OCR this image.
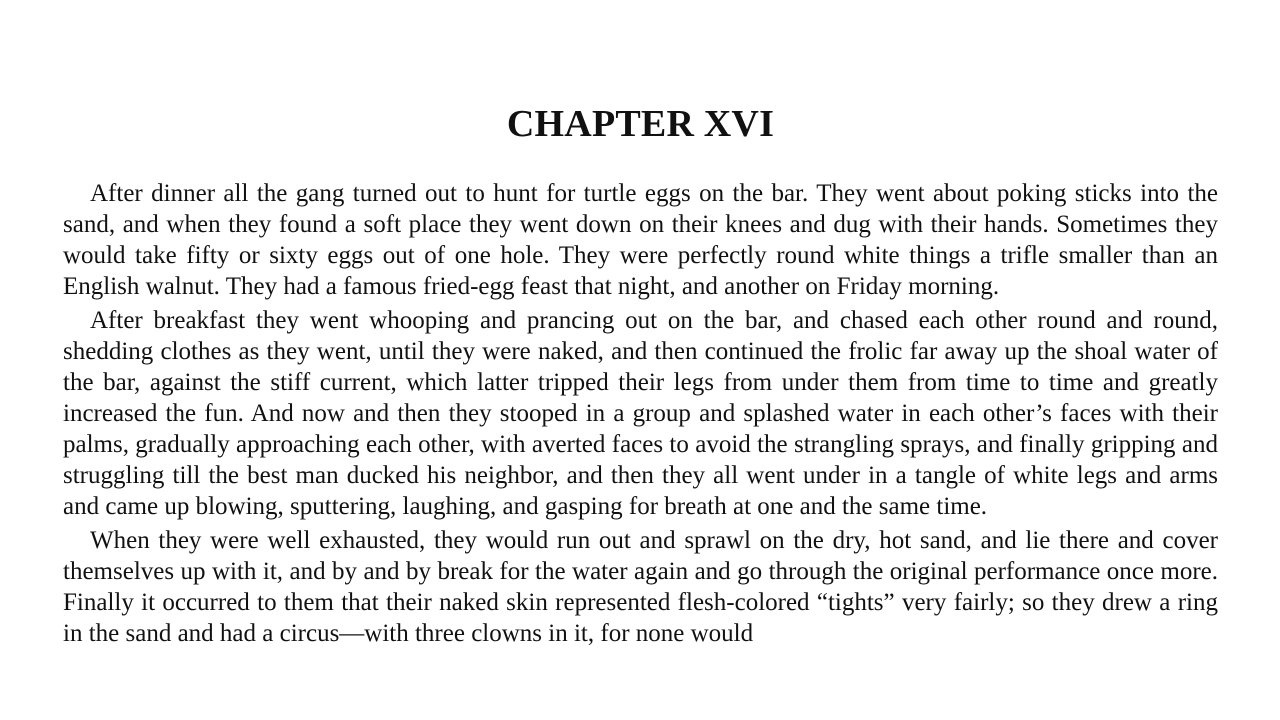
CHAPTER XVI

After dinner all the gang turned out to hunt for turtle eggs on the bar. They went about poking sticks into the sand, and when they found a soft place they went down on their knees and dug with their hands. Sometimes they would take fifty or sixty eggs out of one hole. They were perfectly round white things a trifle smaller than an English walnut. They had a famous fried-egg feast that night, and another on Friday morning.

After breakfast they went whooping and prancing out on the bar, and chased each other round and round, shedding clothes as they went, until they were naked, and then continued the frolic far away up the shoal water of the bar, against the stiff current, which latter tripped their legs from under them from time to time and greatly increased the fun. And now and then they stooped in a group and splashed water in each other’s faces with their palms, gradually approaching each other, with averted faces to avoid the strangling sprays, and finally gripping and struggling till the best man ducked his neighbor, and then they all went under in a tangle of white legs and arms and came up blowing, sputtering, laughing, and gasping for breath at one and the same time.

When they were well exhausted, they would run out and sprawl on the dry, hot sand, and lie there and cover themselves up with it, and by and by break for the water again and go through the original performance once more. Finally it occurred to them that their naked skin represented flesh-colored “tights” very fairly; so they drew a ring in the sand and had a circus—with three clowns in it, for none would
